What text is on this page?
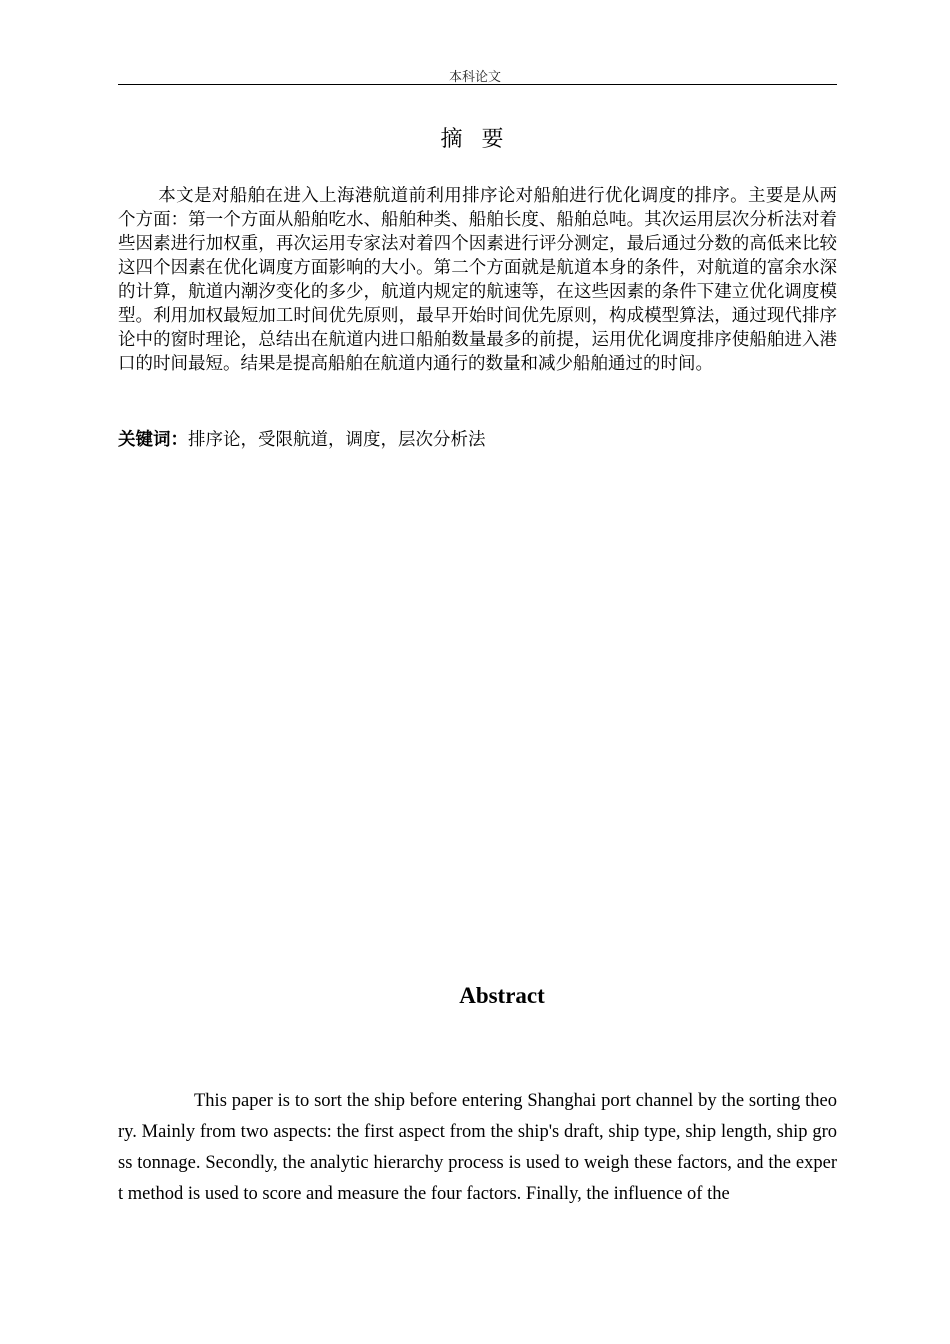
本科论文
摘 要

本文是对船舶在进入上海港航道前利用排序论对船舶进行优化调度的排序。主要是从两个方面：第一个方面从船舶吃水、船舶种类、船舶长度、船舶总吨。其次运用层次分析法对着些因素进行加权重，再次运用专家法对着四个因素进行评分测定，最后通过分数的高低来比较这四个因素在优化调度方面影响的大小。第二个方面就是航道本身的条件，对航道的富余水深的计算，航道内潮汐变化的多少，航道内规定的航速等，在这些因素的条件下建立优化调度模型。利用加权最短加工时间优先原则，最早开始时间优先原则，构成模型算法，通过现代排序论中的窗时理论，总结出在航道内进口船舶数量最多的前提，运用优化调度排序使船舶进入港口的时间最短。结果是提高船舶在航道内通行的数量和减少船舶通过的时间。

关键词：排序论，受限航道，调度，层次分析法
Abstract

This paper is to sort the ship before entering Shanghai port channel by the sorting theory. Mainly from two aspects: the first aspect from the ship's draft, ship type, ship length, ship gross tonnage. Secondly, the analytic hierarchy process is used to weigh these factors, and the expert method is used to score and measure the four factors. Finally, the influence of the
